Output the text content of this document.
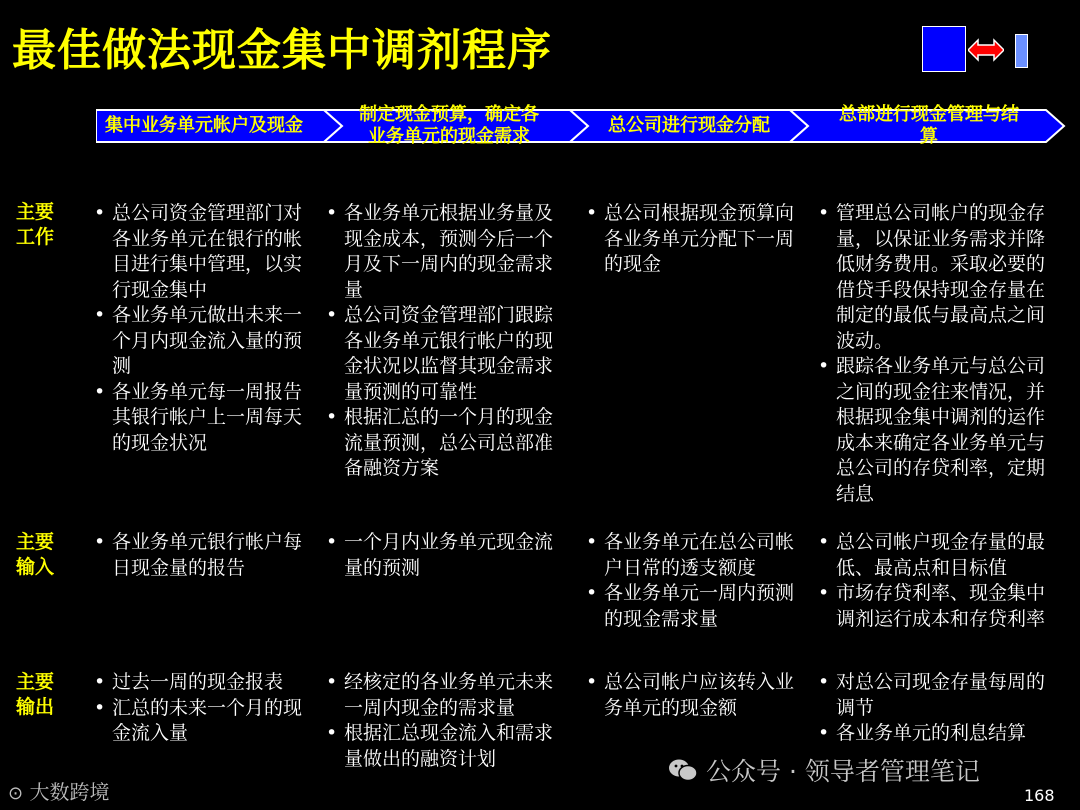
最佳做法现金集中调剂程序
集中业务单元帐户及现金
制定现金预算，确定各业务单元的现金需求
总公司进行现金分配
总部进行现金管理与结算
主要工作
• 总公司资金管理部门对各业务单元在银行的帐目进行集中管理，以实行现金集中
• 各业务单元做出未来一个月内现金流入量的预测
• 各业务单元每一周报告其银行帐户上一周每天的现金状况
• 各业务单元根据业务量及现金成本，预测今后一个月及下一周内的现金需求量
• 总公司资金管理部门跟踪各业务单元银行帐户的现金状况以监督其现金需求量预测的可靠性
• 根据汇总的一个月的现金流量预测，总公司总部准备融资方案
• 总公司根据现金预算向各业务单元分配下一周的现金
• 管理总公司帐户的现金存量，以保证业务需求并降低财务费用。采取必要的借贷手段保持现金存量在制定的最低与最高点之间波动。
• 跟踪各业务单元与总公司之间的现金往来情况，并根据现金集中调剂的运作成本来确定各业务单元与总公司的存贷利率，定期结息
主要输入
• 各业务单元银行帐户每日现金量的报告
• 一个月内业务单元现金流量的预测
• 各业务单元在总公司帐户日常的透支额度
• 各业务单元一周内预测的现金需求量
• 总公司帐户现金存量的最低、最高点和目标值
• 市场存贷利率、现金集中调剂运行成本和存贷利率
主要输出
• 过去一周的现金报表
• 汇总的未来一个月的现金流入量
• 经核定的各业务单元未来一周内现金的需求量
• 根据汇总现金流入和需求量做出的融资计划
• 总公司帐户应该转入业务单元的现金额
• 对总公司现金存量每周的调节
• 各业务单元的利息结算
⊙ 大数跨境
公众号 · 领导者管理笔记
168
